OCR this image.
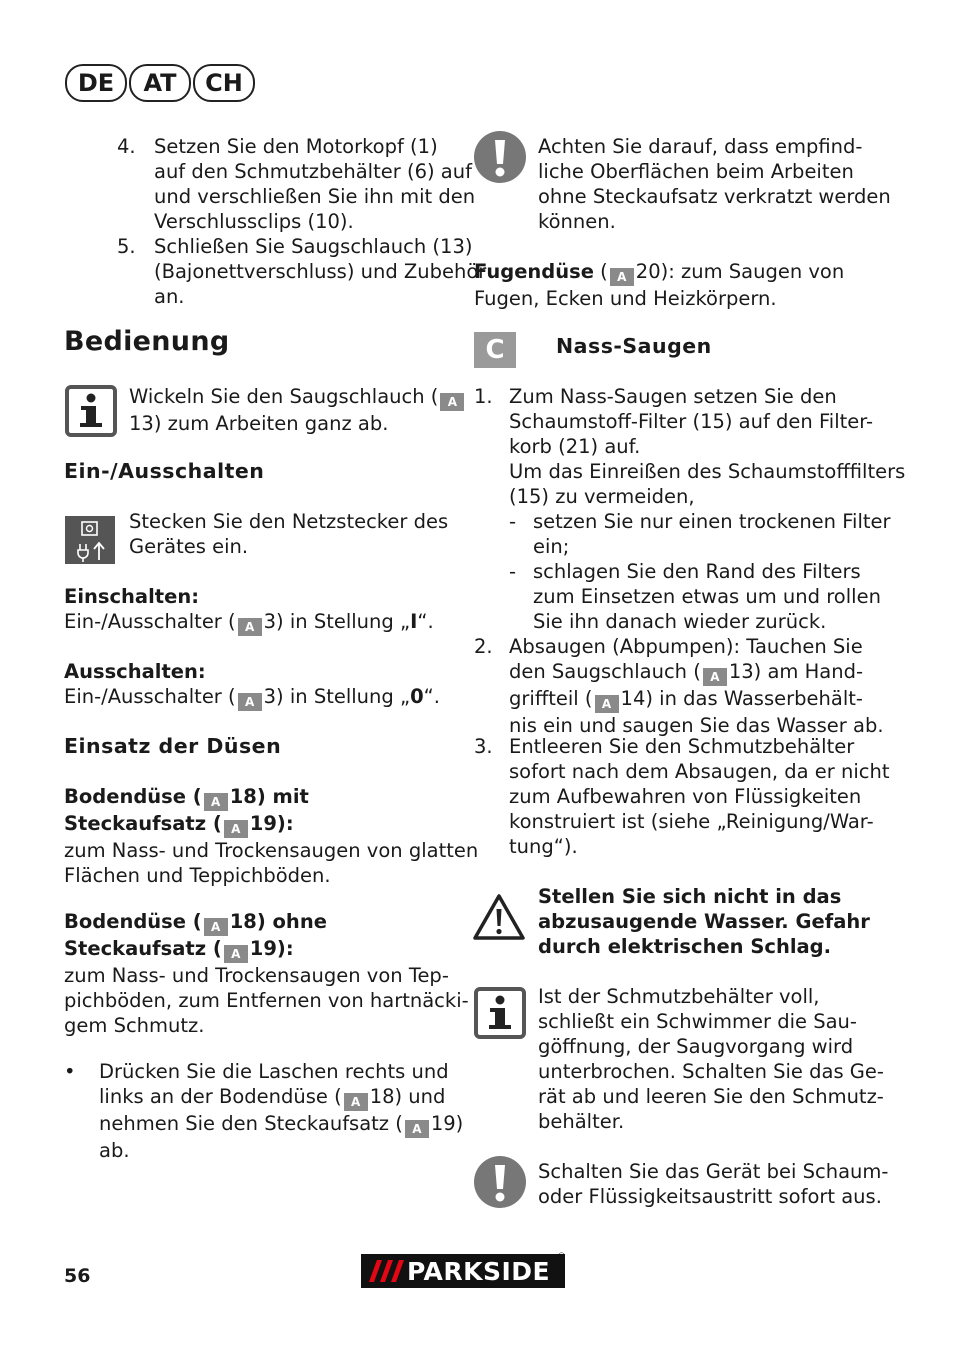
DE	AT	CH
4. Setzen Sie den Motorkopf (1)
auf den Schmutzbehälter (6) auf
und verschließen Sie ihn mit den
Verschlussclips (10).
5. Schließen Sie Saugschlauch (13)
(Bajonettverschluss) und Zubehör
an.
Bedienung
Wickeln Sie den Saugschlauch ( A
13) zum Arbeiten ganz ab.
Ein-/Ausschalten
Stecken Sie den Netzstecker des
Gerätes ein.
Einschalten:
Ein-/Ausschalter ( A 3) in Stellung „I“.
Ausschalten:
Ein-/Ausschalter ( A 3) in Stellung „0“.
Einsatz der Düsen
Bodendüse ( A 18) mit
Steckaufsatz ( A 19):
zum Nass- und Trockensaugen von glatten
Flächen und Teppichböden.
Bodendüse ( A 18) ohne
Steckaufsatz ( A 19):
zum Nass- und Trockensaugen von Tep-
pichböden, zum Entfernen von hartnäcki-
gem Schmutz.
• Drücken Sie die Laschen rechts und
links an der Bodendüse ( A 18) und
nehmen Sie den Steckaufsatz ( A 19)
ab.
Achten Sie darauf, dass empfind-
liche Oberflächen beim Arbeiten
ohne Steckaufsatz verkratzt werden
können.
Fugendüse ( A 20): zum Saugen von
Fugen, Ecken und Heizkörpern.
C	Nass-Saugen
1. Zum Nass-Saugen setzen Sie den
Schaumstoff-Filter (15) auf den Filter-
korb (21) auf.
Um das Einreißen des Schaumstofffilters
(15) zu vermeiden,
- setzen Sie nur einen trockenen Filter
ein;
- schlagen Sie den Rand des Filters
zum Einsetzen etwas um und rollen
Sie ihn danach wieder zurück.
2. Absaugen (Abpumpen): Tauchen Sie
den Saugschlauch ( A 13) am Hand-
griffteil ( A 14) in das Wasserbehält-
nis ein und saugen Sie das Wasser ab.
3. Entleeren Sie den Schmutzbehälter
sofort nach dem Absaugen, da er nicht
zum Aufbewahren von Flüssigkeiten
konstruiert ist (siehe „Reinigung/War-
tung“).
Stellen Sie sich nicht in das
abzusaugende Wasser. Gefahr
durch elektrischen Schlag.
Ist der Schmutzbehälter voll,
schließt ein Schwimmer die Sau-
göffnung, der Saugvorgang wird
unterbrochen. Schalten Sie das Ge-
rät ab und leeren Sie den Schmutz-
behälter.
Schalten Sie das Gerät bei Schaum-
oder Flüssigkeitsaustritt sofort aus.
56	PARKSIDE ®
